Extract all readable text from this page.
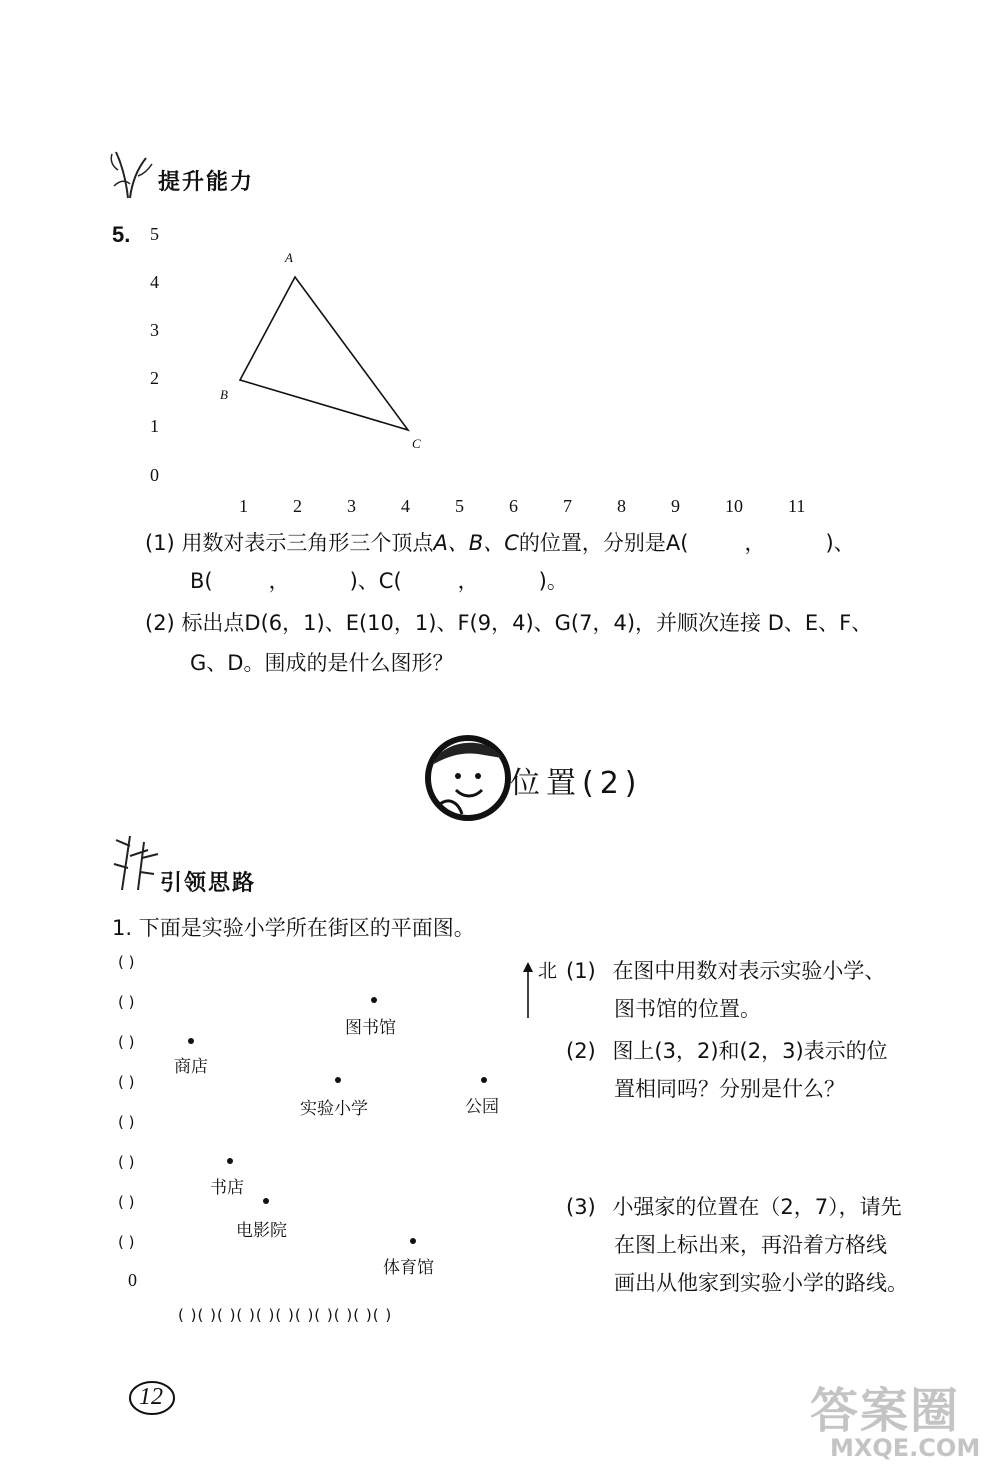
提升能力
5. 5
4
3
2
1
0
1	2	3	4	5	6	7	8	9	10	11
A
B
C
(1) 用数对表示三角形三个顶点A、B、C的位置，分别是A(	，	)、
B(	，	)、C(	，	)。
(2) 标出点D(6，1)、E(10，1)、F(9，4)、G(7，4)，并顺次连接 D、E、F、
G、D。围成的是什么图形？
位置(2)
引领思路
1. 下面是实验小学所在街区的平面图。
( )
( )
( )
( )
( )
( )
( )
( )
0
( )( )( )( )( )( )( )( )( )( )( )
图书馆
商店
实验小学	公园
书店
电影院
体育馆
北 (1) 在图中用数对表示实验小学、
图书馆的位置。
(2) 图上(3，2)和(2，3)表示的位
置相同吗？分别是什么？
(3) 小强家的位置在（2，7），请先
在图上标出来，再沿着方格线
画出从他家到实验小学的路线。
12	答案圈
MXQE.COM
